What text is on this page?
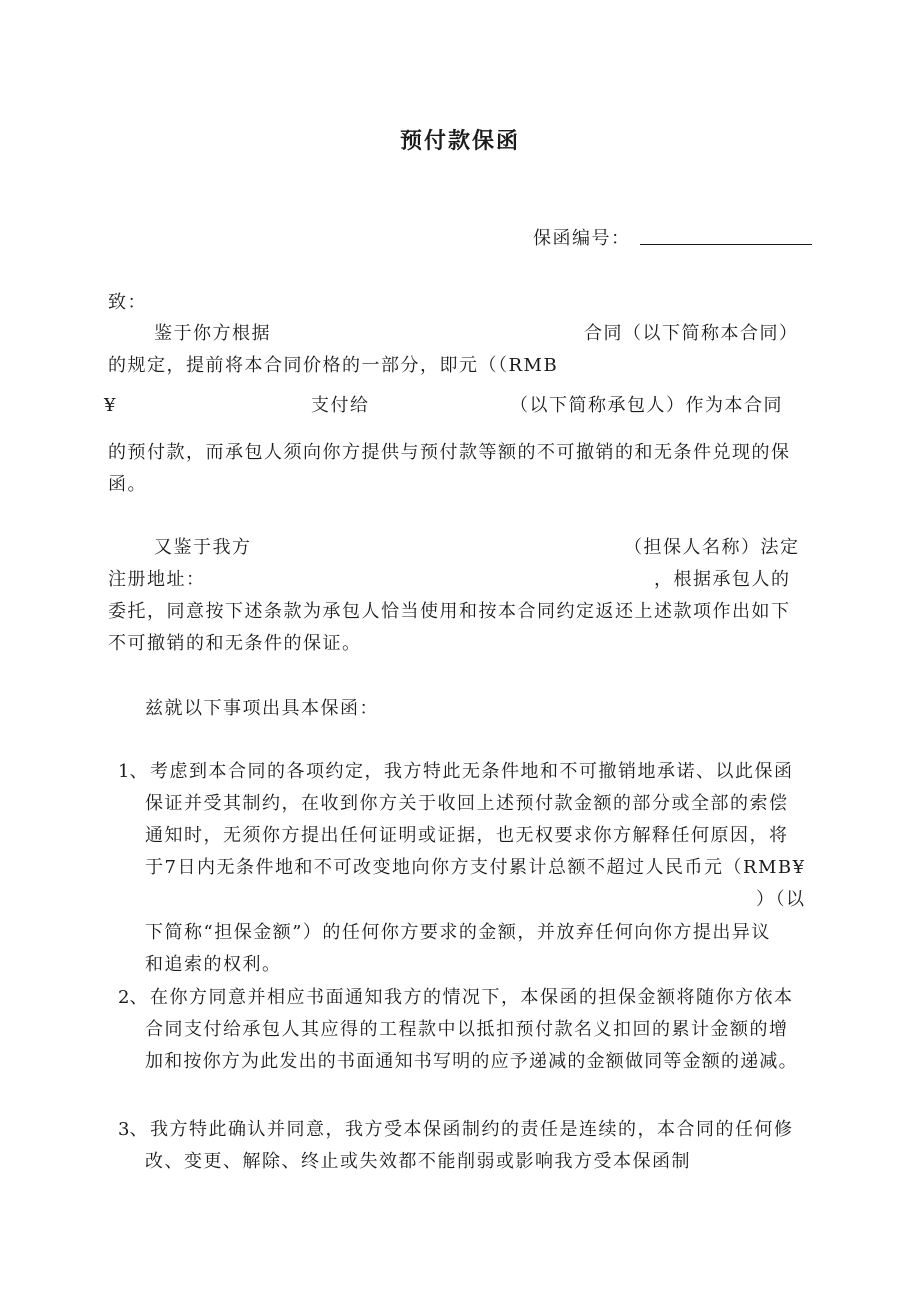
预付款保函
保函编号：
致：
鉴于你方根据	合同（以下简称本合同）
的规定，提前将本合同价格的一部分，即元（（RMB
¥	支付给	（以下简称承包人）作为本合同
的预付款，而承包人须向你方提供与预付款等额的不可撤销的和无条件兑现的保
函。
又鉴于我方	（担保人名称）法定
注册地址：	，根据承包人的
委托，同意按下述条款为承包人恰当使用和按本合同约定返还上述款项作出如下
不可撤销的和无条件的保证。
兹就以下事项出具本保函：
1、 考虑到本合同的各项约定，我方特此无条件地和不可撤销地承诺、以此保函
保证并受其制约，在收到你方关于收回上述预付款金额的部分或全部的索偿
通知时，无须你方提出任何证明或证据，也无权要求你方解释任何原因，将
于7日内无条件地和不可改变地向你方支付累计总额不超过人民币元（RMB¥
）（以
下简称“担保金额”）的任何你方要求的金额，并放弃任何向你方提出异议
和追索的权利。
2、 在你方同意并相应书面通知我方的情况下，本保函的担保金额将随你方依本
合同支付给承包人其应得的工程款中以抵扣预付款名义扣回的累计金额的增
加和按你方为此发出的书面通知书写明的应予递减的金额做同等金额的递减。
3、 我方特此确认并同意，我方受本保函制约的责任是连续的，本合同的任何修
改、变更、解除、终止或失效都不能削弱或影响我方受本保函制
